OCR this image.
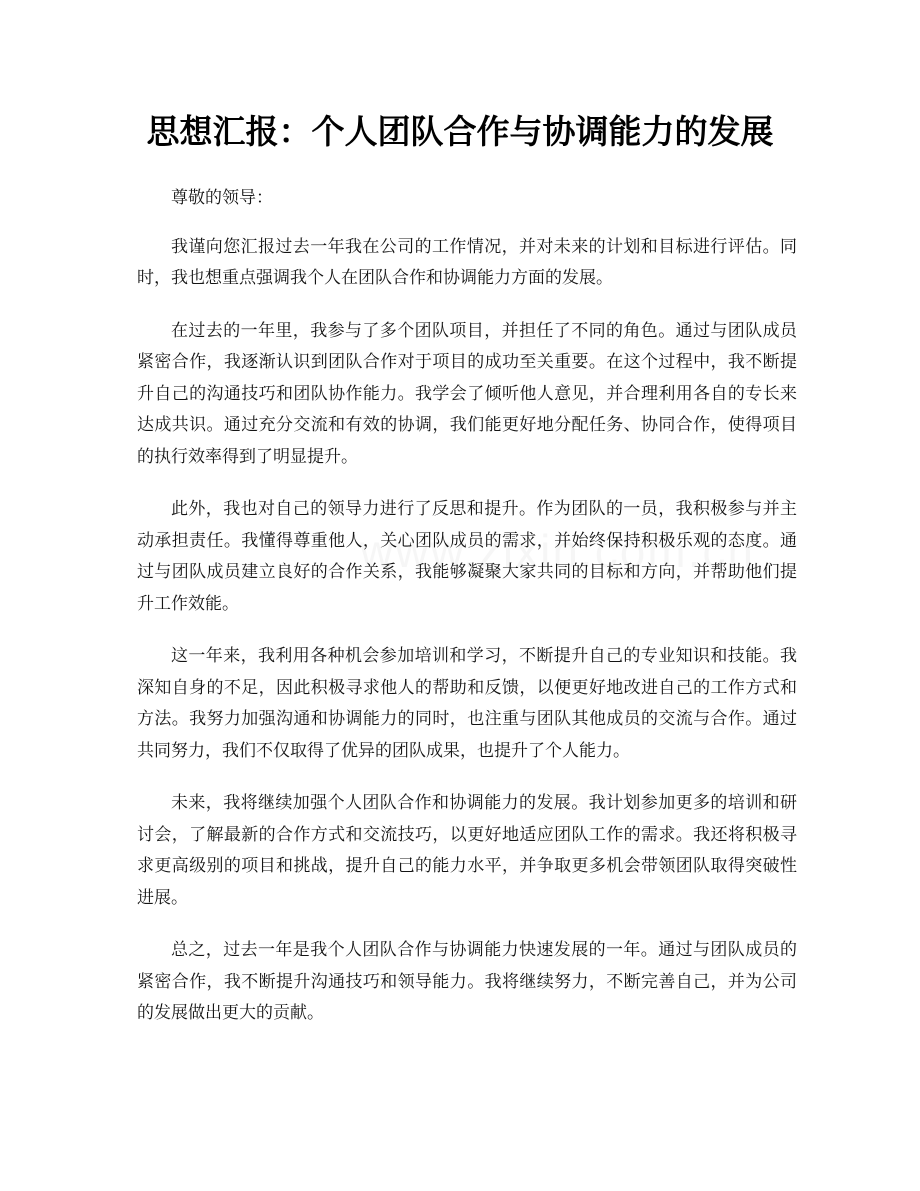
思想汇报：个人团队合作与协调能力的发展

尊敬的领导：

我谨向您汇报过去一年我在公司的工作情况，并对未来的计划和目标进行评估。同时，我也想重点强调我个人在团队合作和协调能力方面的发展。

在过去的一年里，我参与了多个团队项目，并担任了不同的角色。通过与团队成员紧密合作，我逐渐认识到团队合作对于项目的成功至关重要。在这个过程中，我不断提升自己的沟通技巧和团队协作能力。我学会了倾听他人意见，并合理利用各自的专长来达成共识。通过充分交流和有效的协调，我们能更好地分配任务、协同合作，使得项目的执行效率得到了明显提升。

此外，我也对自己的领导力进行了反思和提升。作为团队的一员，我积极参与并主动承担责任。我懂得尊重他人，关心团队成员的需求，并始终保持积极乐观的态度。通过与团队成员建立良好的合作关系，我能够凝聚大家共同的目标和方向，并帮助他们提升工作效能。

这一年来，我利用各种机会参加培训和学习，不断提升自己的专业知识和技能。我深知自身的不足，因此积极寻求他人的帮助和反馈，以便更好地改进自己的工作方式和方法。我努力加强沟通和协调能力的同时，也注重与团队其他成员的交流与合作。通过共同努力，我们不仅取得了优异的团队成果，也提升了个人能力。

未来，我将继续加强个人团队合作和协调能力的发展。我计划参加更多的培训和研讨会，了解最新的合作方式和交流技巧，以更好地适应团队工作的需求。我还将积极寻求更高级别的项目和挑战，提升自己的能力水平，并争取更多机会带领团队取得突破性进展。

总之，过去一年是我个人团队合作与协调能力快速发展的一年。通过与团队成员的紧密合作，我不断提升沟通技巧和领导能力。我将继续努力，不断完善自己，并为公司的发展做出更大的贡献。
